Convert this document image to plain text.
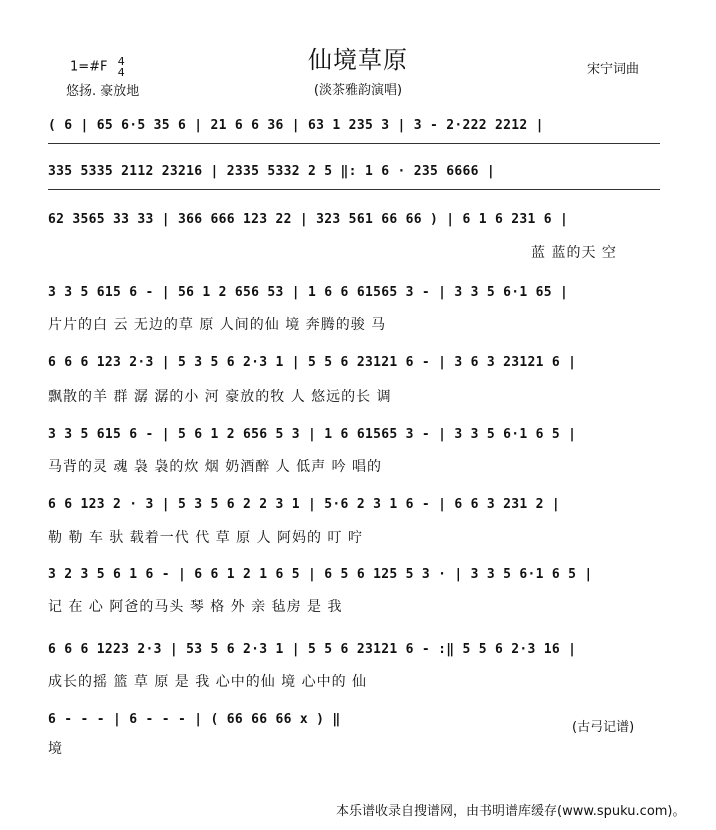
仙境草原
1=#F 4
4
悠扬. 豪放地	(淡茶雅韵演唱)
宋宁词曲
( 6 | 65 6·5 35 6 | 21 6 6 36 | 63 1 235 3 | 3 - 2·222 2212 |
335 5335 2112 23216 | 2335 5332 2 5 ‖: 1 6 · 235 6666 |
62 3565 33 33 | 366 666 123 22 | 323 561 66 66 ) | 6 1 6 231 6 |
蓝 蓝的天 空
3 3 5 615 6 - | 56 1 2 656 53 | 1 6 6 61565 3 - | 3 3 5 6·1 65 |
片片的白 云 无边的草 原 人间的仙 境 奔腾的骏 马
6 6 6 123 2·3 | 5 3 5 6 2·3 1 | 5 5 6 23121 6 - | 3 6 3 23121 6 |
飘散的羊 群 潺 潺的小 河 豪放的牧 人 悠远的长 调
3 3 5 615 6 - | 5 6 1 2 656 5 3 | 1 6 61565 3 - | 3 3 5 6·1 6 5 |
马背的灵 魂 袅 袅的炊 烟 奶酒醉 人 低声 吟 唱的
6 6 123 2 · 3 | 5 3 5 6 2 2 3 1 | 5·6 2 3 1 6 - | 6 6 3 231 2 |
勒 勒 车 驮 载着一代 代 草 原 人 阿妈的 叮 咛
3 2 3 5 6 1 6 - | 6 6 1 2 1 6 5 | 6 5 6 125 5 3 · | 3 3 5 6·1 6 5 |
记 在 心 阿爸的马头 琴 格 外 亲 毡房 是 我
6 6 6 1223 2·3 | 53 5 6 2·3 1 | 5 5 6 23121 6 - :‖ 5 5 6 2·3 16 |
成长的摇 篮 草 原 是 我 心中的仙 境 心中的 仙
6 - - - | 6 - - - | ( 66 66 66 x ) ‖
境
(古弓记谱)
本乐谱收录自搜谱网，由书明谱库缓存(www.spuku.com)。
